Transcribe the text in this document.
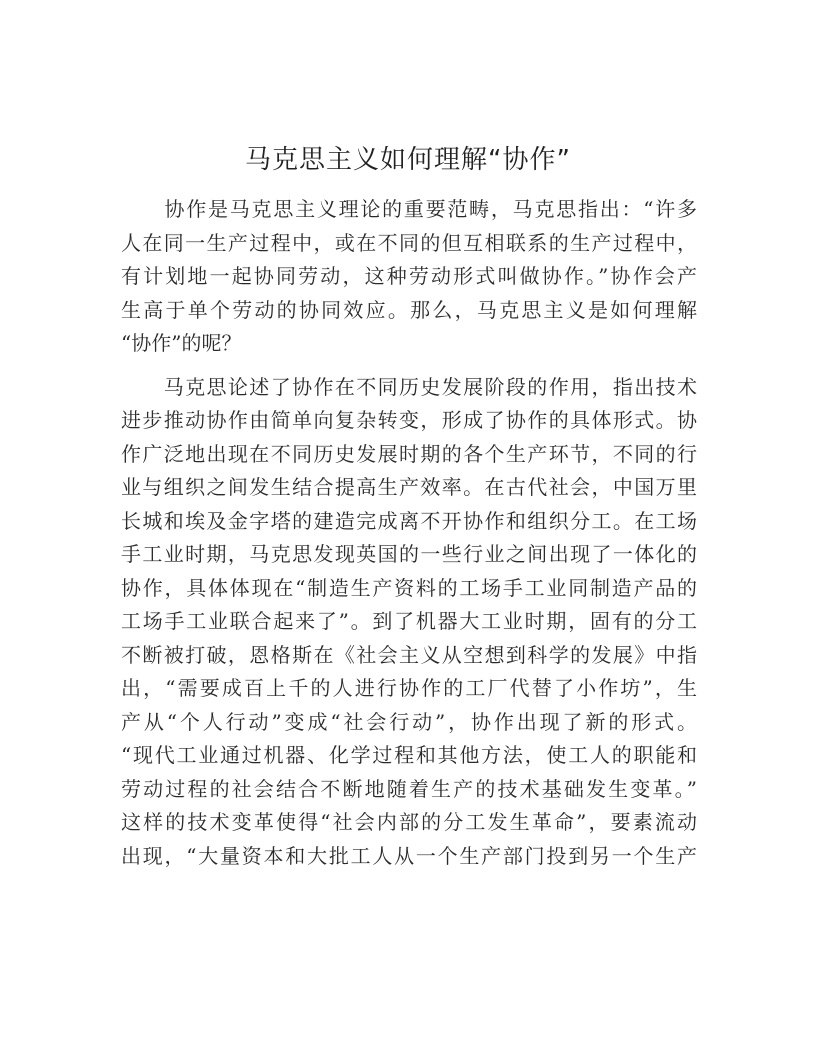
马克思主义如何理解“协作”
　　协作是马克思主义理论的重要范畴，马克思指出：“许多
人在同一生产过程中，或在不同的但互相联系的生产过程中，
有计划地一起协同劳动，这种劳动形式叫做协作。”协作会产
生高于单个劳动的协同效应。那么，马克思主义是如何理解
“协作”的呢？
　　马克思论述了协作在不同历史发展阶段的作用，指出技术
进步推动协作由简单向复杂转变，形成了协作的具体形式。协
作广泛地出现在不同历史发展时期的各个生产环节，不同的行
业与组织之间发生结合提高生产效率。在古代社会，中国万里
长城和埃及金字塔的建造完成离不开协作和组织分工。在工场
手工业时期，马克思发现英国的一些行业之间出现了一体化的
协作，具体体现在“制造生产资料的工场手工业同制造产品的
工场手工业联合起来了”。到了机器大工业时期，固有的分工
不断被打破，恩格斯在《社会主义从空想到科学的发展》中指
出，“需要成百上千的人进行协作的工厂代替了小作坊”，生
产从“个人行动”变成“社会行动”，协作出现了新的形式。
“现代工业通过机器、化学过程和其他方法，使工人的职能和
劳动过程的社会结合不断地随着生产的技术基础发生变革。”
这样的技术变革使得“社会内部的分工发生革命”，要素流动
出现，“大量资本和大批工人从一个生产部门投到另一个生产
